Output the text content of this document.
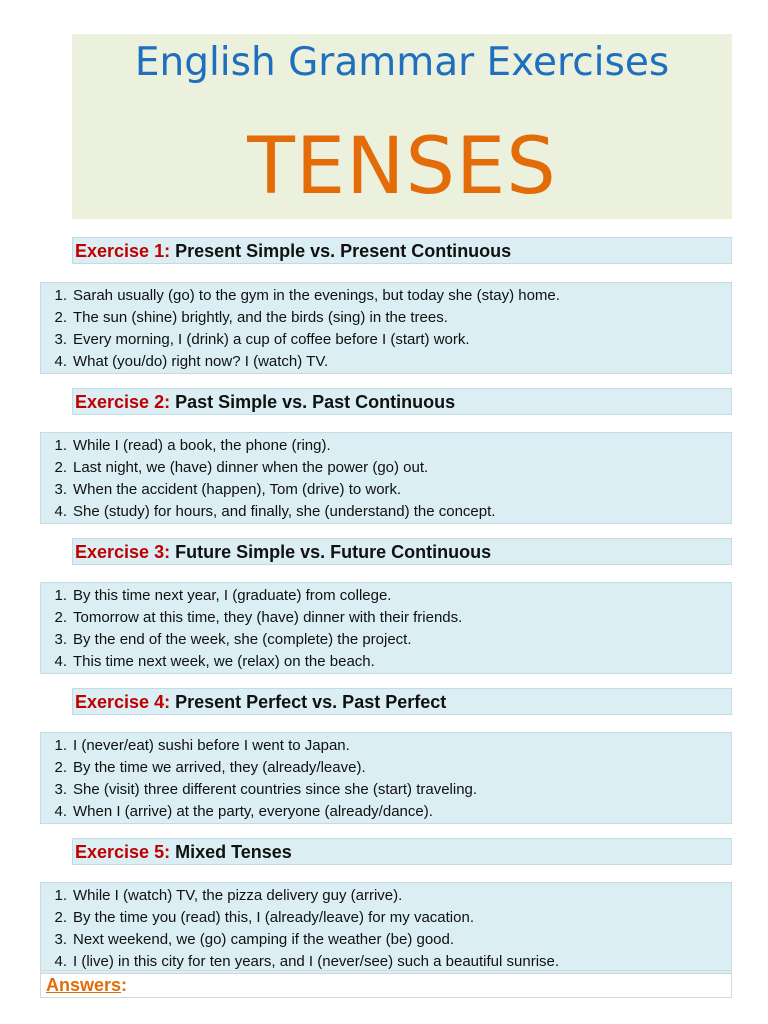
English Grammar Exercises
TENSES
Exercise 1: Present Simple vs. Present Continuous
1. Sarah usually (go) to the gym in the evenings, but today she (stay) home.
2. The sun (shine) brightly, and the birds (sing) in the trees.
3. Every morning, I (drink) a cup of coffee before I (start) work.
4. What (you/do) right now? I (watch) TV.
Exercise 2: Past Simple vs. Past Continuous
1. While I (read) a book, the phone (ring).
2. Last night, we (have) dinner when the power (go) out.
3. When the accident (happen), Tom (drive) to work.
4. She (study) for hours, and finally, she (understand) the concept.
Exercise 3: Future Simple vs. Future Continuous
1. By this time next year, I (graduate) from college.
2. Tomorrow at this time, they (have) dinner with their friends.
3. By the end of the week, she (complete) the project.
4. This time next week, we (relax) on the beach.
Exercise 4: Present Perfect vs. Past Perfect
1. I (never/eat) sushi before I went to Japan.
2. By the time we arrived, they (already/leave).
3. She (visit) three different countries since she (start) traveling.
4. When I (arrive) at the party, everyone (already/dance).
Exercise 5: Mixed Tenses
1. While I (watch) TV, the pizza delivery guy (arrive).
2. By the time you (read) this, I (already/leave) for my vacation.
3. Next weekend, we (go) camping if the weather (be) good.
4. I (live) in this city for ten years, and I (never/see) such a beautiful sunrise.
Answers:
